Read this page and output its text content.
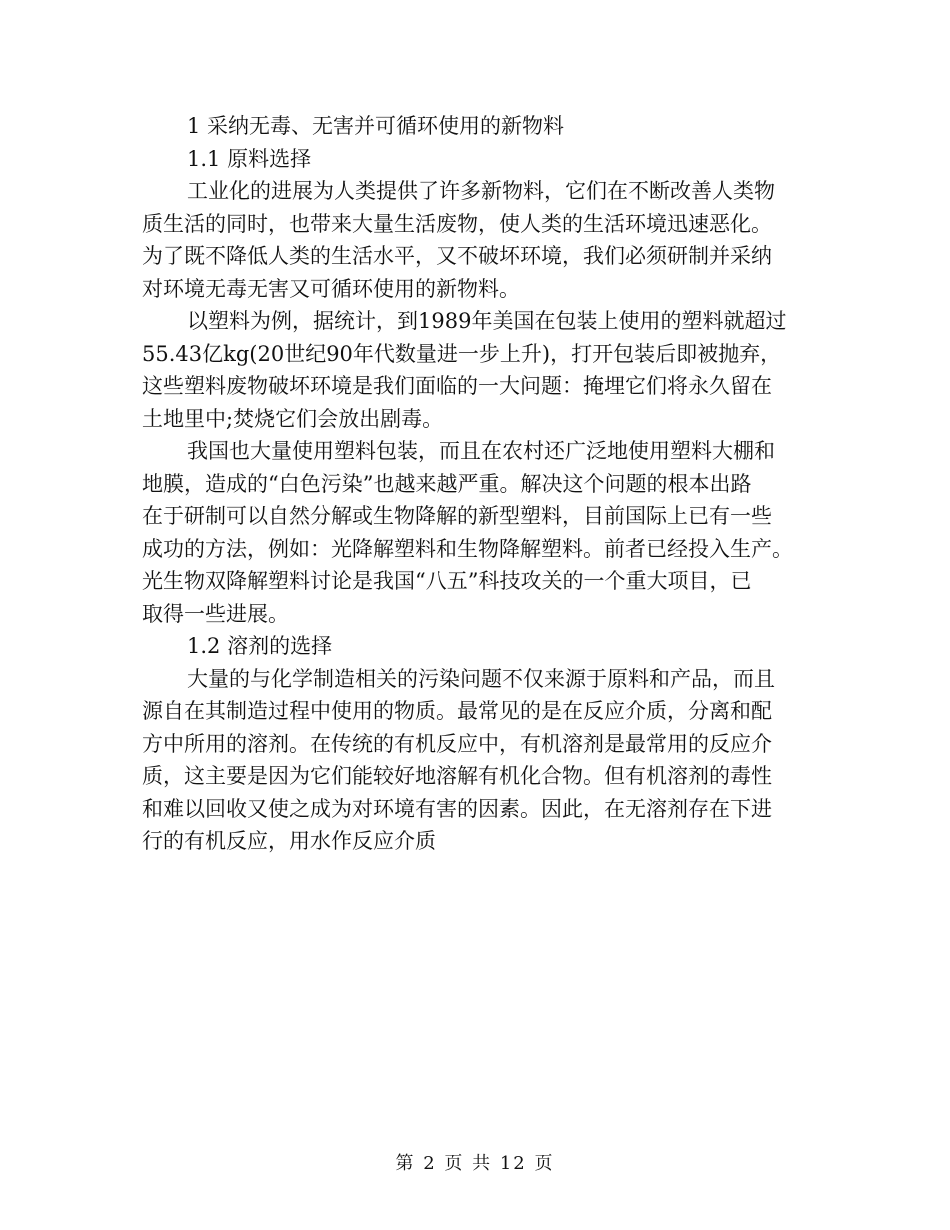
1 采纳无毒、无害并可循环使用的新物料

1.1 原料选择

工业化的进展为人类提供了许多新物料，它们在不断改善人类物

质生活的同时，也带来大量生活废物，使人类的生活环境迅速恶化。

为了既不降低人类的生活水平，又不破坏环境，我们必须研制并采纳

对环境无毒无害又可循环使用的新物料。

以塑料为例，据统计，到1989年美国在包装上使用的塑料就超过

55.43亿kg(20世纪90年代数量进一步上升)，打开包装后即被抛弃，

这些塑料废物破坏环境是我们面临的一大问题：掩埋它们将永久留在

土地里中;焚烧它们会放出剧毒。

我国也大量使用塑料包装，而且在农村还广泛地使用塑料大棚和

地膜，造成的“白色污染”也越来越严重。解决这个问题的根本出路

在于研制可以自然分解或生物降解的新型塑料，目前国际上已有一些

成功的方法，例如：光降解塑料和生物降解塑料。前者已经投入生产。

光生物双降解塑料讨论是我国“八五”科技攻关的一个重大项目，已

取得一些进展。

1.2 溶剂的选择

大量的与化学制造相关的污染问题不仅来源于原料和产品，而且

源自在其制造过程中使用的物质。最常见的是在反应介质，分离和配

方中所用的溶剂。在传统的有机反应中，有机溶剂是最常用的反应介

质，这主要是因为它们能较好地溶解有机化合物。但有机溶剂的毒性

和难以回收又使之成为对环境有害的因素。因此，在无溶剂存在下进

行的有机反应，用水作反应介质

第 2 页 共 12 页
